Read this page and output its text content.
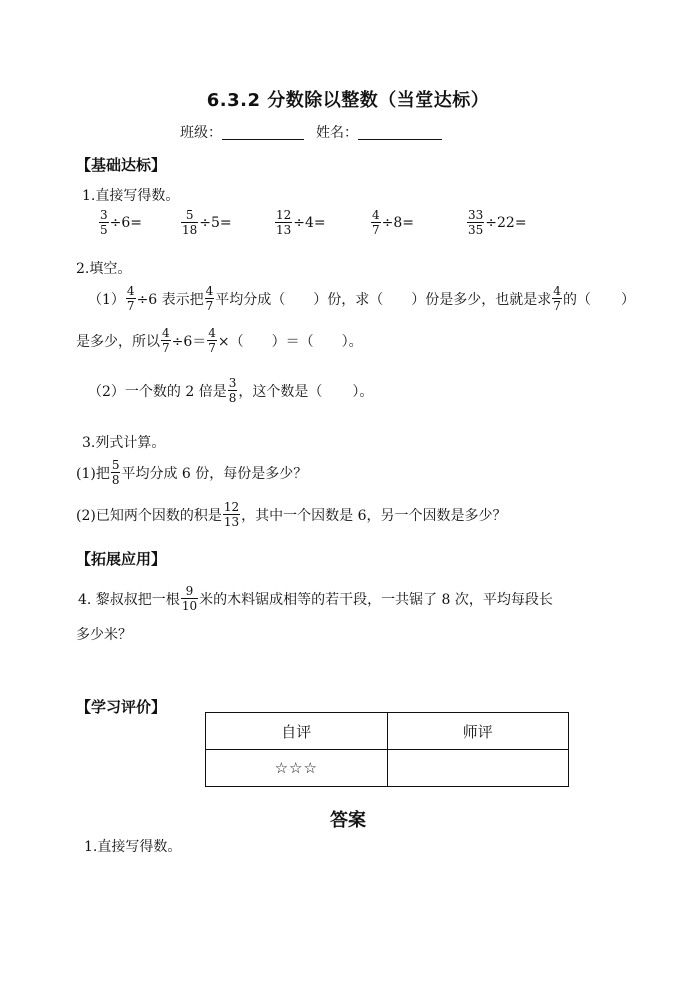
6.3.2 分数除以整数（当堂达标）
班级：	姓名：
【基础达标】
1.直接写得数。
$\frac{3}{5} \div 6=$	$\frac{5}{18} \div 5=$	$\frac{12}{13} \div 4=$	$\frac{4}{7} \div 8=$	$\frac{33}{35} \div 22=$
2.填空。
$(1) \frac{4}{7} \div 6$ 表示把 $\frac{4}{7}$ 平均分成（ ）份，求（ ）份是多少，也就是求 $\frac{4}{7}$ 的（ ）
是多少，所以 $\frac{4}{7} \div 6= \frac{4}{7}$ ×（ ）＝（ ）。
（2）一个数的 2 倍是 $\frac{3}{8}$ ，这个数是（ ）。
3.列式计算。
(1)把 $\frac{5}{8}$ 平均分成 6 份，每份是多少？
(2)已知两个因数的积是 $\frac{12}{13}$ ，其中一个因数是 6，另一个因数是多少？
【拓展应用】
4. 黎叔叔把一根 $\frac{9}{10}$ 米的木料锯成相等的若干段，一共锯了 8 次，平均每段长
多少米？
【学习评价】
自评	师评
☆☆☆	
答案
1.直接写得数。
